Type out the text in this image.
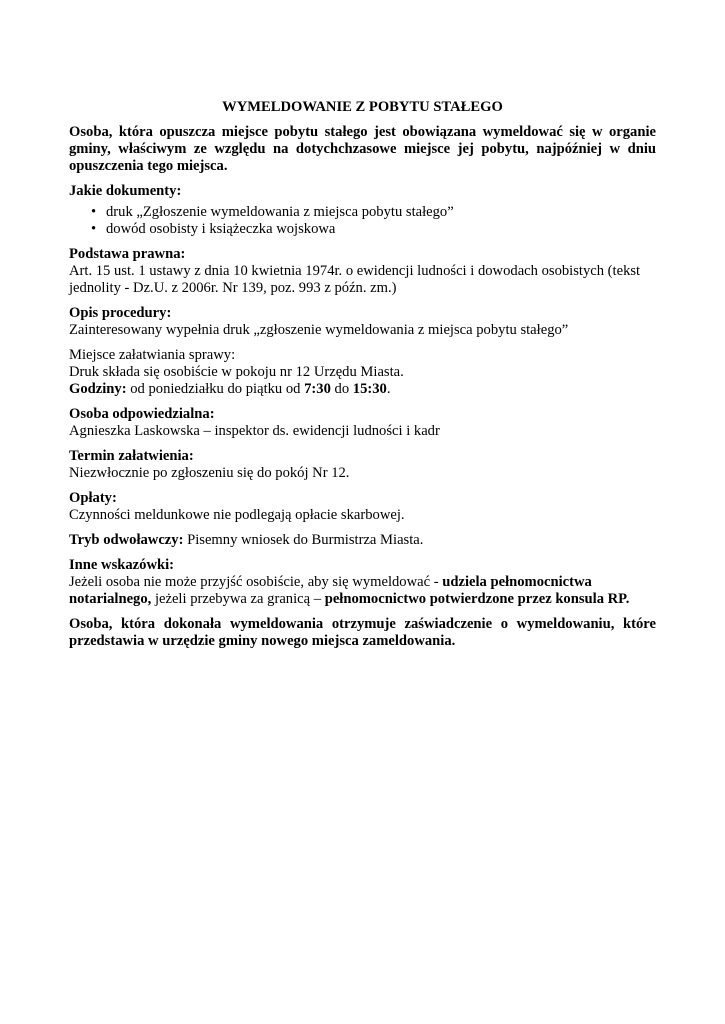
WYMELDOWANIE Z POBYTU STAŁEGO

Osoba, która opuszcza miejsce pobytu stałego jest obowiązana wymeldować się w organie gminy, właściwym ze względu na dotychchzasowe miejsce jej pobytu, najpóźniej w dniu opuszczenia tego miejsca.

Jakie dokumenty:

• druk „Zgłoszenie wymeldowania z miejsca pobytu stałego”
• dowód osobisty i książeczka wojskowa

Podstawa prawna:

Art. 15 ust. 1 ustawy z dnia 10 kwietnia 1974r. o ewidencji ludności i dowodach osobistych (tekst jednolity - Dz.U. z 2006r. Nr 139, poz. 993 z późn. zm.)

Opis procedury:

Zainteresowany wypełnia druk „zgłoszenie wymeldowania z miejsca pobytu stałego”

Miejsce załatwiania sprawy:

Druk składa się osobiście w pokoju nr 12 Urzędu Miasta.

Godziny: od poniedziałku do piątku od 7:30 do 15:30.

Osoba odpowiedzialna:

Agnieszka Laskowska – inspektor ds. ewidencji ludności i kadr

Termin załatwienia:

Niezwłocznie po zgłoszeniu się do pokój Nr 12.

Opłaty:

Czynności meldunkowe nie podlegają opłacie skarbowej.

Tryb odwoławczy: Pisemny wniosek do Burmistrza Miasta.

Inne wskazówki:

Jeżeli osoba nie może przyjść osobiście, aby się wymeldować - udziela pełnomocnictwa notarialnego, jeżeli przebywa za granicą – pełnomocnictwo potwierdzone przez konsula RP.

Osoba, która dokonała wymeldowania otrzymuje zaświadczenie o wymeldowaniu, które przedstawia w urzędzie gminy nowego miejsca zameldowania.
